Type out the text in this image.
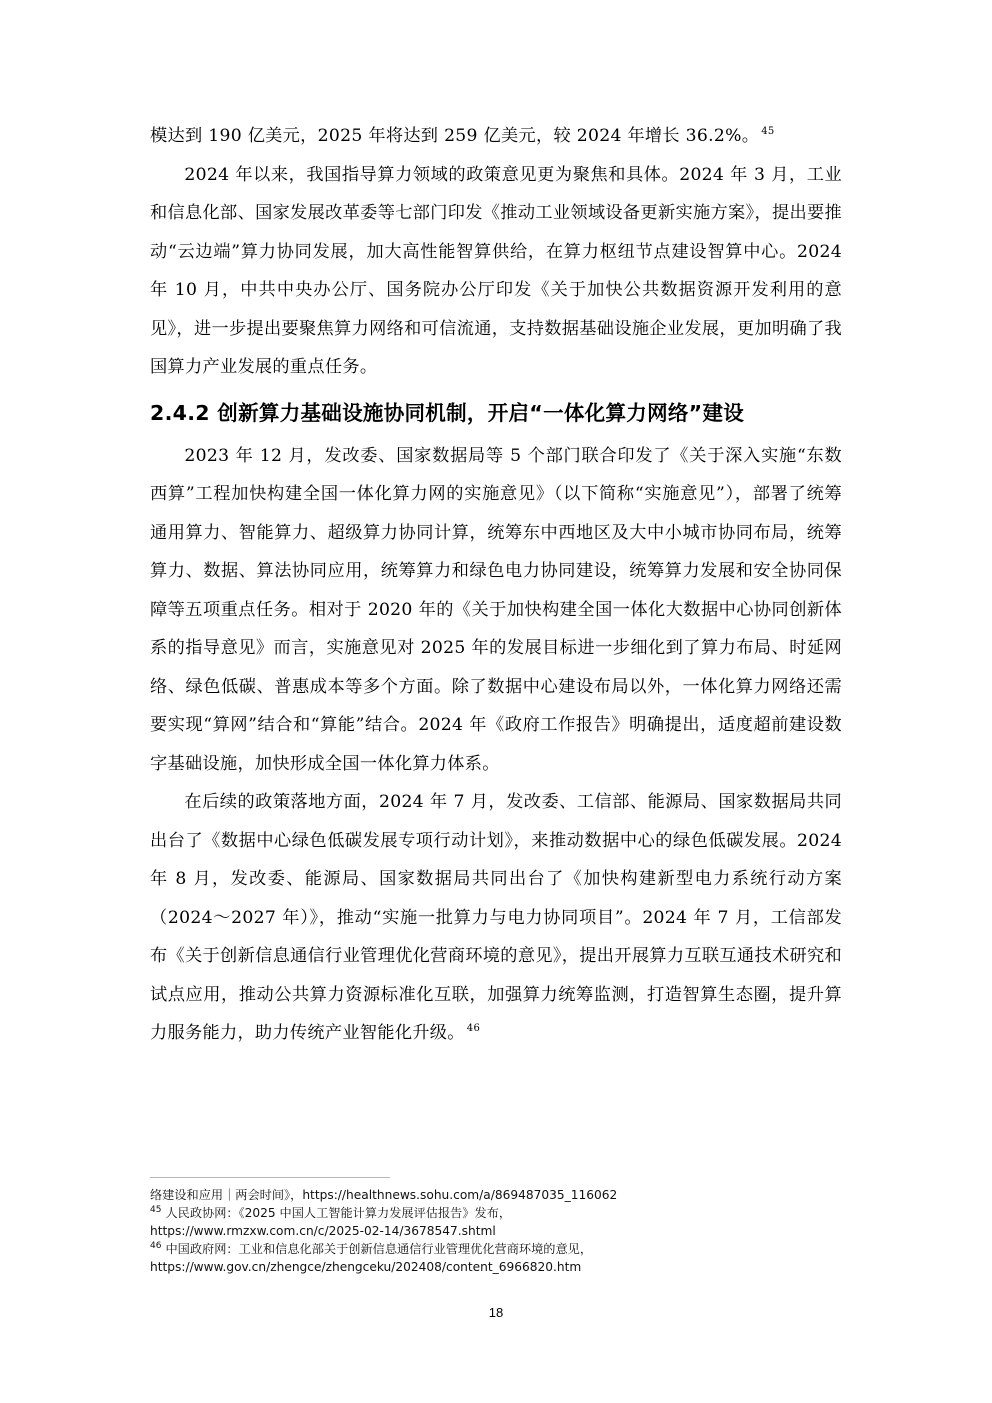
模达到 190 亿美元，2025 年将达到 259 亿美元，较 2024 年增长 36.2%。 $^{45}$

2024 年以来，我国指导算力领域的政策意见更为聚焦和具体。2024 年 3 月，工业和信息化部、国家发展改革委等七部门印发《推动工业领域设备更新实施方案》，提出要推动“云边端”算力协同发展，加大高性能智算供给，在算力枢纽节点建设智算中心。2024 年 10 月，中共中央办公厅、国务院办公厅印发《关于加快公共数据资源开发利用的意见》，进一步提出要聚焦算力网络和可信流通，支持数据基础设施企业发展，更加明确了我国算力产业发展的重点任务。

2.4.2 创新算力基础设施协同机制，开启“一体化算力网络”建设

2023 年 12 月，发改委、国家数据局等 5 个部门联合印发了《关于深入实施“东数西算”工程加快构建全国一体化算力网的实施意见》（以下简称“实施意见”），部署了统筹通用算力、智能算力、超级算力协同计算，统筹东中西地区及大中小城市协同布局，统筹算力、数据、算法协同应用，统筹算力和绿色电力协同建设，统筹算力发展和安全协同保障等五项重点任务。相对于 2020 年的《关于加快构建全国一体化大数据中心协同创新体系的指导意见》而言，实施意见对 2025 年的发展目标进一步细化到了算力布局、时延网络、绿色低碳、普惠成本等多个方面。除了数据中心建设布局以外，一体化算力网络还需要实现“算网”结合和“算能”结合。2024 年《政府工作报告》明确提出，适度超前建设数字基础设施，加快形成全国一体化算力体系。

在后续的政策落地方面，2024 年 7 月，发改委、工信部、能源局、国家数据局共同出台了《数据中心绿色低碳发展专项行动计划》，来推动数据中心的绿色低碳发展。2024 年 8 月，发改委、能源局、国家数据局共同出台了《加快构建新型电力系统行动方案（2024～2027 年）》，推动“实施一批算力与电力协同项目”。2024 年 7 月，工信部发布《关于创新信息通信行业管理优化营商环境的意见》，提出开展算力互联互通技术研究和试点应用，推动公共算力资源标准化互联，加强算力统筹监测，打造智算生态圈，提升算力服务能力，助力传统产业智能化升级。 $^{46}$

络建设和应用｜两会时间》，https://healthnews.sohu.com/a/869487035_116062

$^{45}$ 人民政协网：《2025 中国人工智能计算力发展评估报告》发布，

https://www.rmzxw.com.cn/c/2025-02-14/3678547.shtml

$^{46}$ 中国政府网：工业和信息化部关于创新信息通信行业管理优化营商环境的意见，

https://www.gov.cn/zhengce/zhengceku/202408/content_6966820.htm

18
